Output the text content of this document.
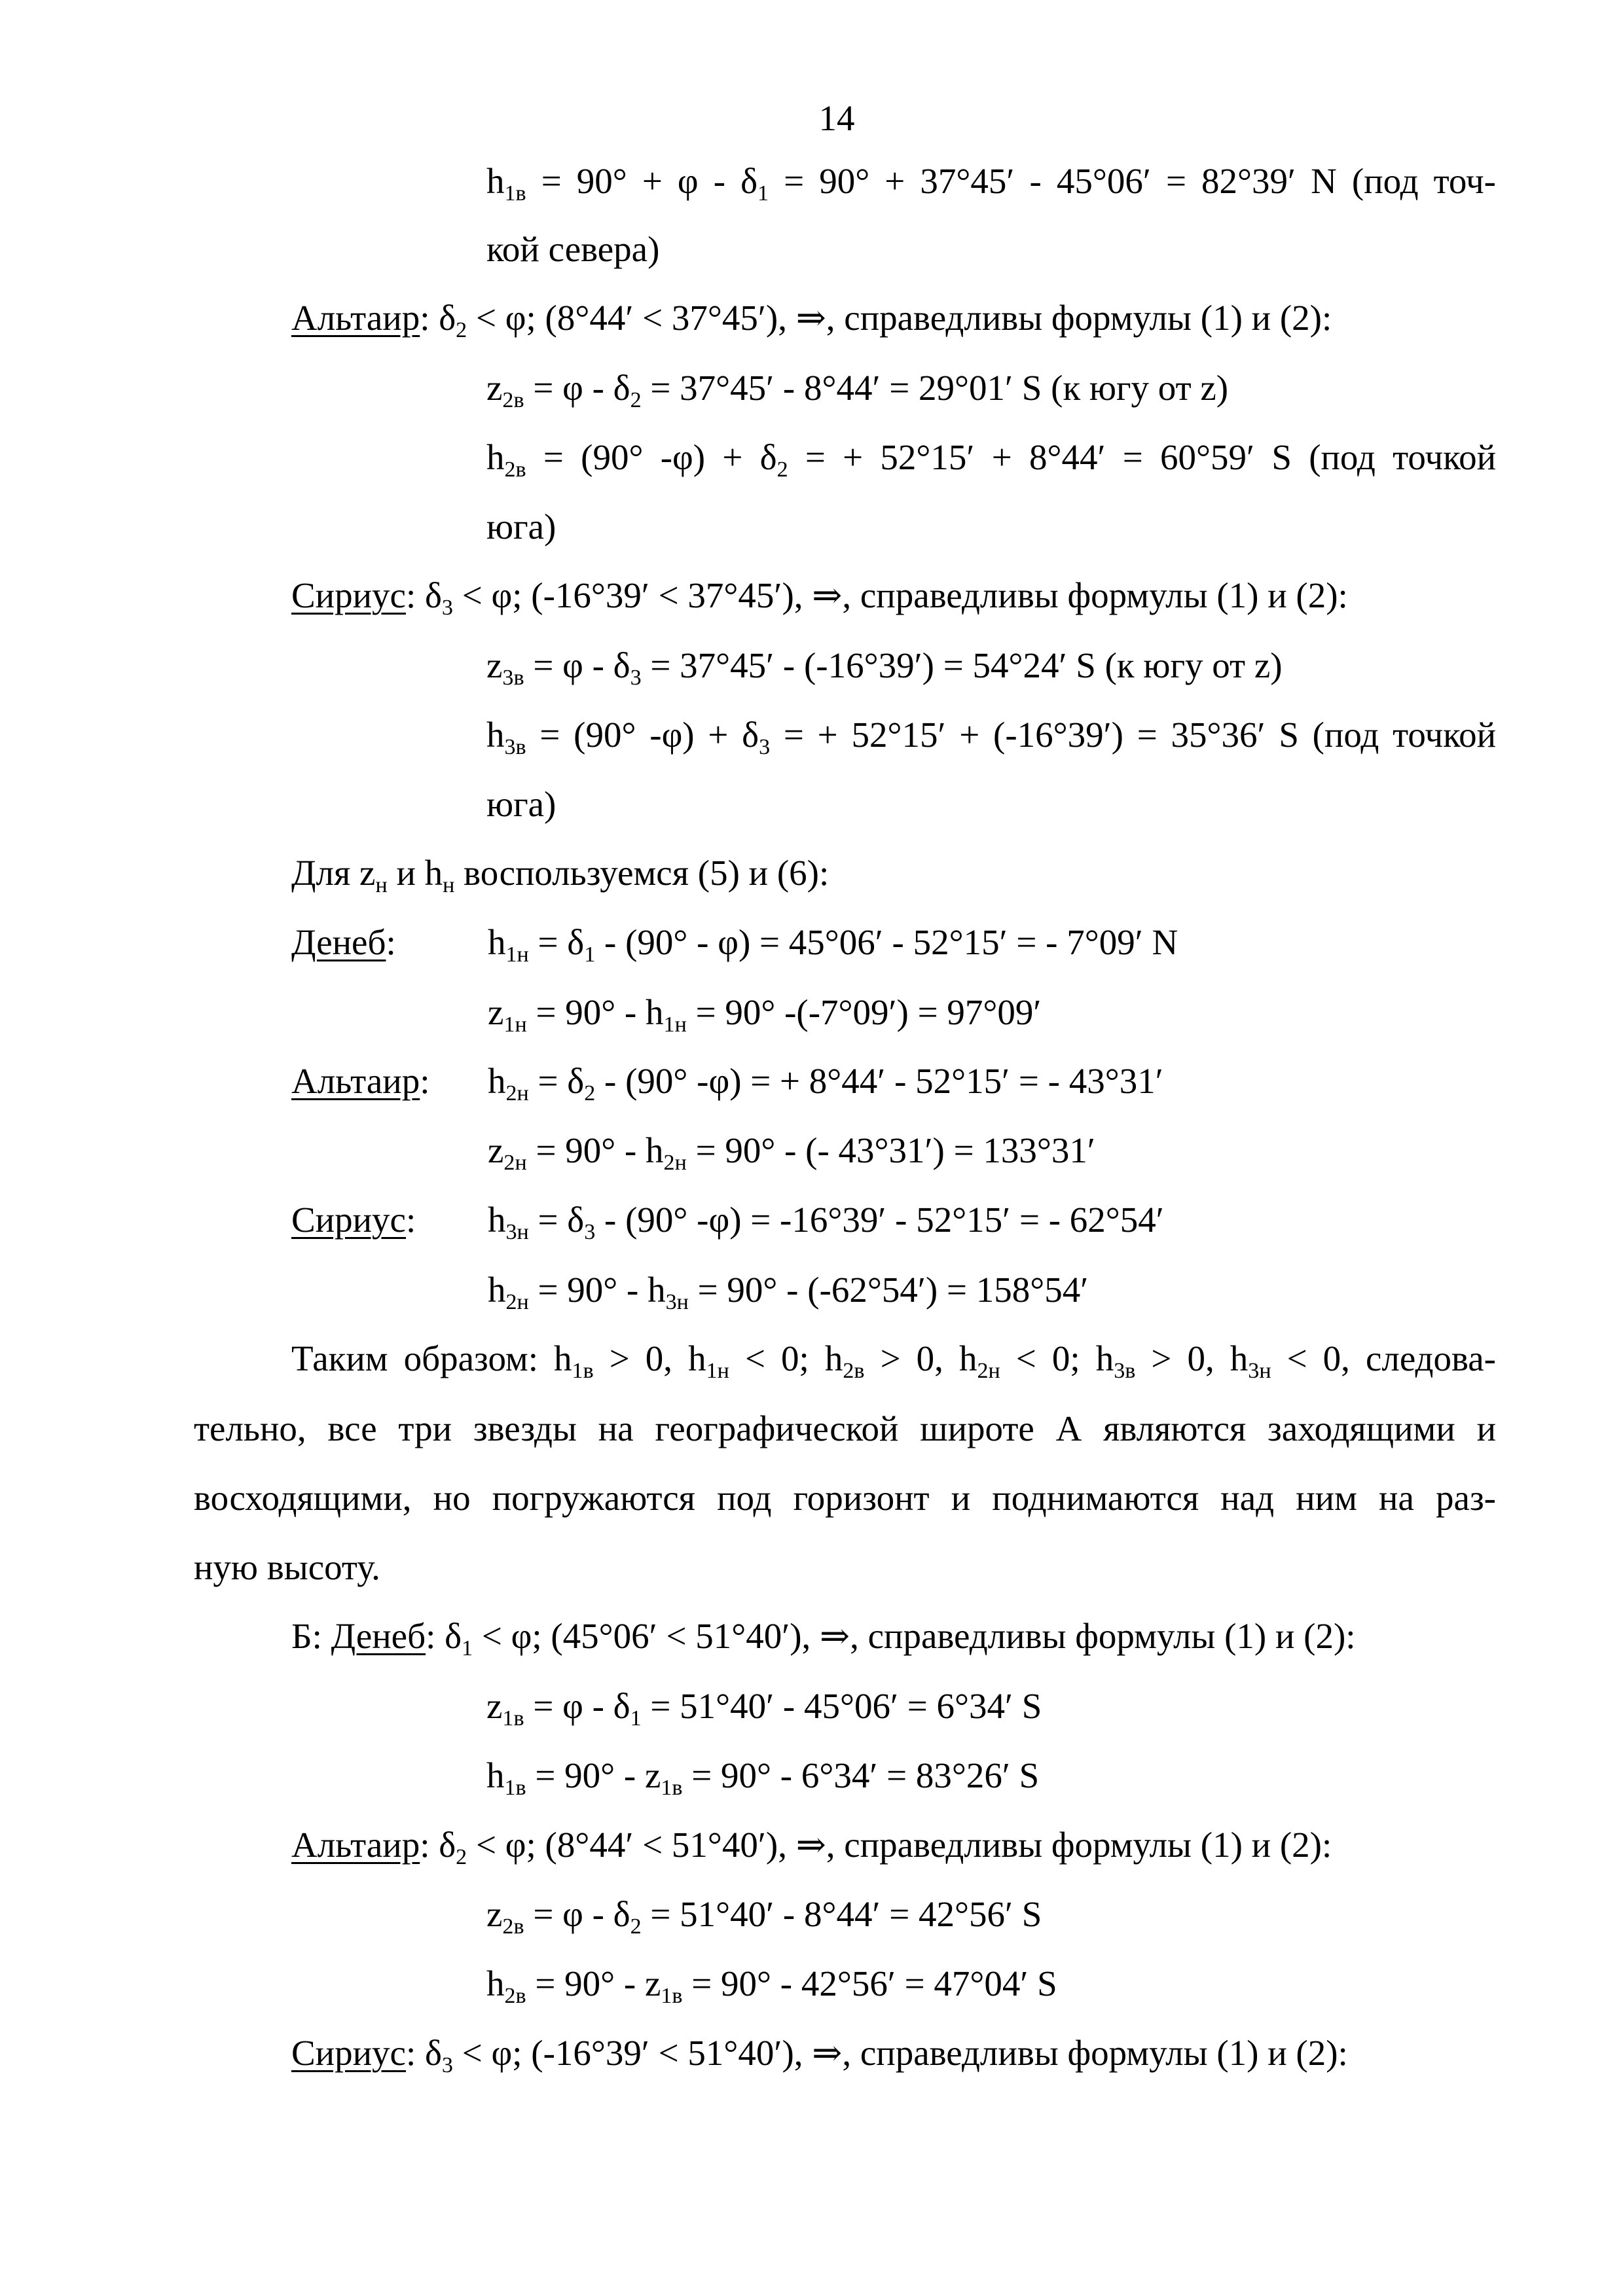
14
$h_{1в} = 90^\circ + \varphi - \delta_1 = 90^\circ + 37^\circ 45' - 45^\circ 06' = 82^\circ 39'$ N (под точ-
кой севера)
Альтаир: $\delta_2 < \varphi$; (8°44′ < 37°45′), ⇒, справедливы формулы (1) и (2):
$z_{2в} = \varphi - \delta_2 = 37^\circ 45' - 8^\circ 44' = 29^\circ 01'$ S (к югу от z)
$h_{2в} = (90^\circ$ $-\varphi) + \delta_2$ = + 52°15′ + 8°44′ = 60°59′ S (под точкой
юга)
Сириус: $\delta_3 < \varphi$; (-16°39′ < 37°45′), ⇒, справедливы формулы (1) и (2):
$z_{3в} = \varphi - \delta_3 = 37^\circ 45' - (-16^\circ 39') = 54^\circ 24'$ S (к югу от z)
$h_{3в} = (90^\circ$ $-\varphi) + \delta_3$ = + 52°15′ + (-16°39′) = 35°36′ S (под точкой
юга)
Для $z_н$ и $h_н$ воспользуемся (5) и (6):
Денеб:	$h_{1н} = \delta_1 - (90^\circ - \varphi) = 45^\circ 06' - 52^\circ 15'$ = - 7°09′ N
$z_{1н} = 90^\circ - h_{1н} = 90^\circ$ -(-7°09′) = 97°09′
Альтаир: $h_{2н} = \delta_2 - (90^\circ$ -φ) = + 8°44′ - 52°15′ = - 43°31′
$z_{2н} = 90^\circ - h_{2н} = 90^\circ$ - (- 43°31′) = 133°31′
Сириус: $h_{3н} = \delta_3 - (90^\circ$ -φ) = -16°39′ - 52°15′ = - 62°54′
$h_{2н} = 90^\circ - h_{3н} = 90^\circ - (-62^\circ 54') = 158^\circ 54'$
Таким образом: $h_{1в} > 0$, $h_{1н} < 0$; $h_{2в} > 0$, $h_{2н} < 0$; $h_{3в} > 0$, $h_{3н} < 0$, следова-
тельно, все три звезды на географической широте А являются заходящими и
восходящими, но погружаются под горизонт и поднимаются над ним на раз-
ную высоту.
Б: Денеб: $\delta_1 < \varphi$; (45°06′ < 51°40′), ⇒, справедливы формулы (1) и (2):
$z_{1в} = \varphi - \delta_1 = 51^\circ 40' - 45^\circ 06' = 6^\circ 34'$ S
$h_{1в} = 90^\circ - z_{1в} = 90^\circ - 6^\circ 34' = 83^\circ 26'$ S
Альтаир: $\delta_2 < \varphi$; (8°44′ < 51°40′), ⇒, справедливы формулы (1) и (2):
$z_{2в} = \varphi - \delta_2 = 51^\circ 40' - 8^\circ 44' = 42^\circ 56'$ S
$h_{2в} = 90^\circ - z_{1в} = 90^\circ - 42^\circ 56' = 47^\circ 04'$ S
Сириус: $\delta_3 < \varphi$; (-16°39′ < 51°40′), ⇒, справедливы формулы (1) и (2):
